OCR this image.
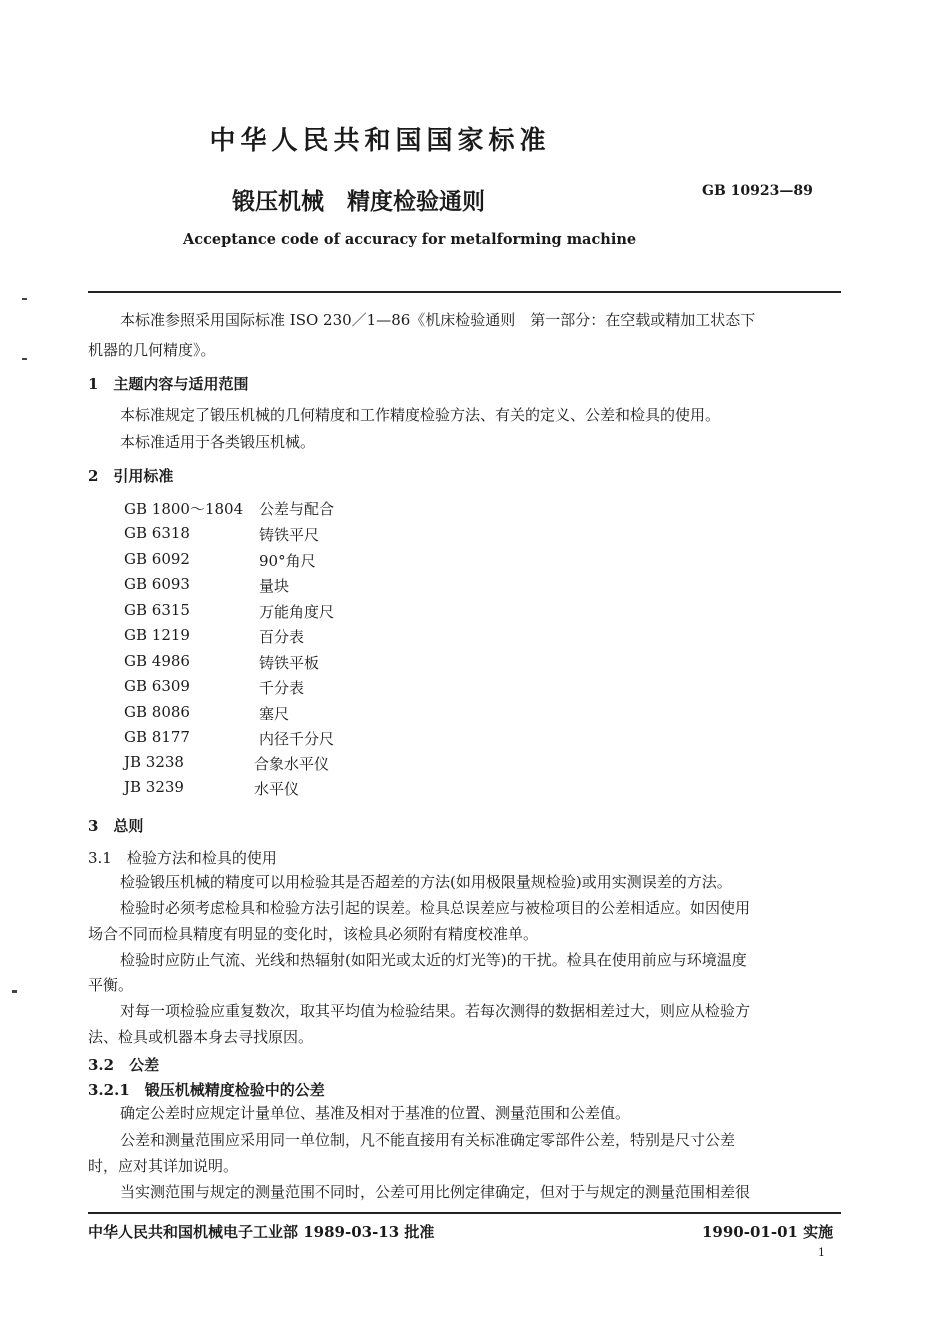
中华人民共和国国家标准
锻压机械　精度检验通则	GB 10923—89
Acceptance code of accuracy for metalforming machine
本标准参照采用国际标准 ISO 230／1—86《机床检验通则　第一部分：在空载或精加工状态下
机器的几何精度》。
1　主题内容与适用范围
本标准规定了锻压机械的几何精度和工作精度检验方法、有关的定义、公差和检具的使用。
本标准适用于各类锻压机械。
2　引用标准
GB 1800～1804 公差与配合
GB 6318	铸铁平尺
GB 6092	90°角尺
GB 6093	量块
GB 6315	万能角度尺
GB 1219	百分表
GB 4986	铸铁平板
GB 6309	千分表
GB 8086	塞尺
GB 8177	内径千分尺
JB 3238	合象水平仪
JB 3239	水平仪
3　总则
3.1　检验方法和检具的使用
检验锻压机械的精度可以用检验其是否超差的方法(如用极限量规检验)或用实测误差的方法。
检验时必须考虑检具和检验方法引起的误差。检具总误差应与被检项目的公差相适应。如因使用
场合不同而检具精度有明显的变化时，该检具必须附有精度校准单。
检验时应防止气流、光线和热辐射(如阳光或太近的灯光等)的干扰。检具在使用前应与环境温度
平衡。
对每一项检验应重复数次，取其平均值为检验结果。若每次测得的数据相差过大，则应从检验方
法、检具或机器本身去寻找原因。
3.2　公差
3.2.1　锻压机械精度检验中的公差
确定公差时应规定计量单位、基准及相对于基准的位置、测量范围和公差值。
公差和测量范围应采用同一单位制，凡不能直接用有关标准确定零部件公差，特别是尺寸公差
时，应对其详加说明。
当实测范围与规定的测量范围不同时，公差可用比例定律确定，但对于与规定的测量范围相差很
中华人民共和国机械电子工业部 1989-03-13 批准	1990-01-01 实施
1
